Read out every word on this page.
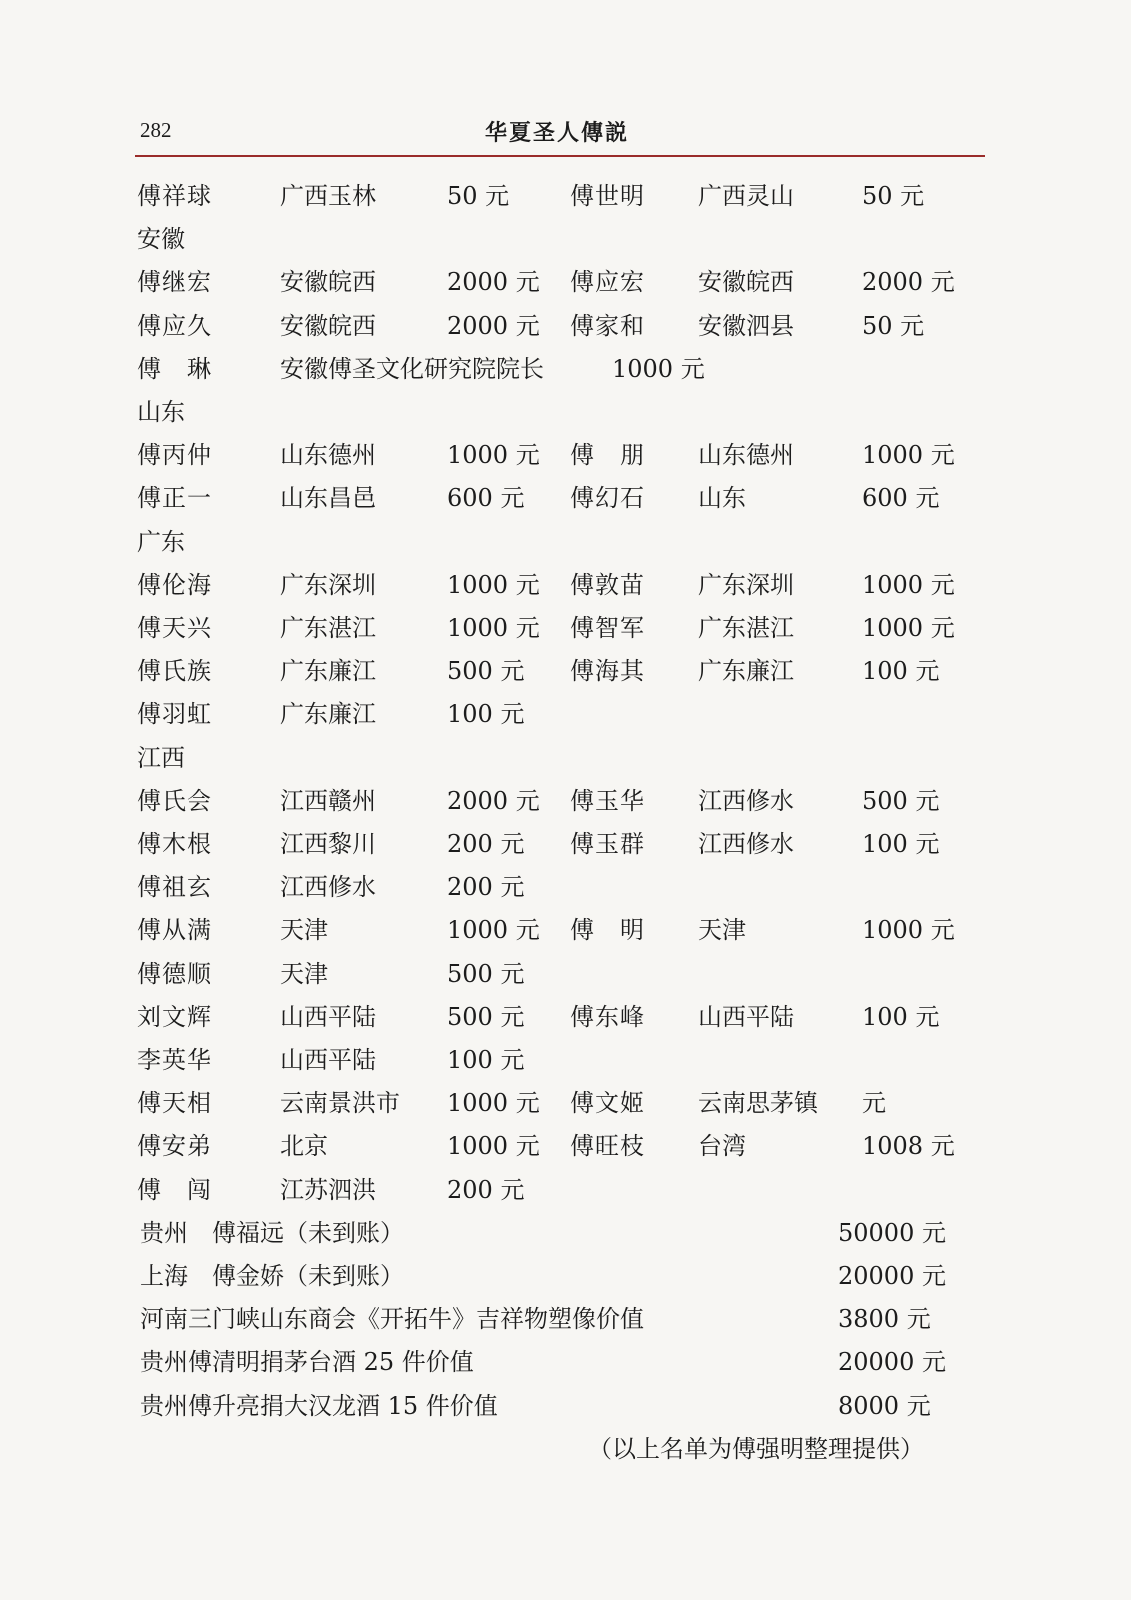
282	华夏圣人傳説
傅祥球	广西玉林	50 元	傅世明 广西灵山	50 元
安徽
傅继宏	安徽皖西	2000 元 傅应宏 安徽皖西	2000 元
傅应久	安徽皖西	2000 元 傅家和 安徽泗县	50 元
傅　琳	安徽傅圣文化研究院院长	1000 元
山东
傅丙仲	山东德州	1000 元 傅　朋 山东德州	1000 元
傅正一	山东昌邑	600 元 傅幻石 山东	600 元
广东
傅伦海	广东深圳	1000 元 傅敦苗 广东深圳	1000 元
傅天兴	广东湛江	1000 元 傅智军 广东湛江	1000 元
傅氏族	广东廉江	500 元 傅海其 广东廉江	100 元
傅羽虹	广东廉江	100 元
江西
傅氏会	江西赣州	2000 元 傅玉华 江西修水	500 元
傅木根	江西黎川	200 元 傅玉群 江西修水	100 元
傅祖玄	江西修水	200 元
傅从满	天津	1000 元 傅　明 天津	1000 元
傅德顺	天津	500 元
刘文辉	山西平陆	500 元 傅东峰 山西平陆	100 元
李英华	山西平陆	100 元
傅天相	云南景洪市 1000 元 傅文姬 云南思茅镇 元
傅安弟	北京	1000 元 傅旺枝 台湾	1008 元
傅　闯	江苏泗洪	200 元
贵州　傅福远（未到账）	50000 元
上海　傅金娇（未到账）	20000 元
河南三门峡山东商会《开拓牛》吉祥物塑像价值	3800 元
贵州傅清明捐茅台酒 25 件价值	20000 元
贵州傅升亮捐大汉龙酒 15 件价值	8000 元
（以上名单为傅强明整理提供）
